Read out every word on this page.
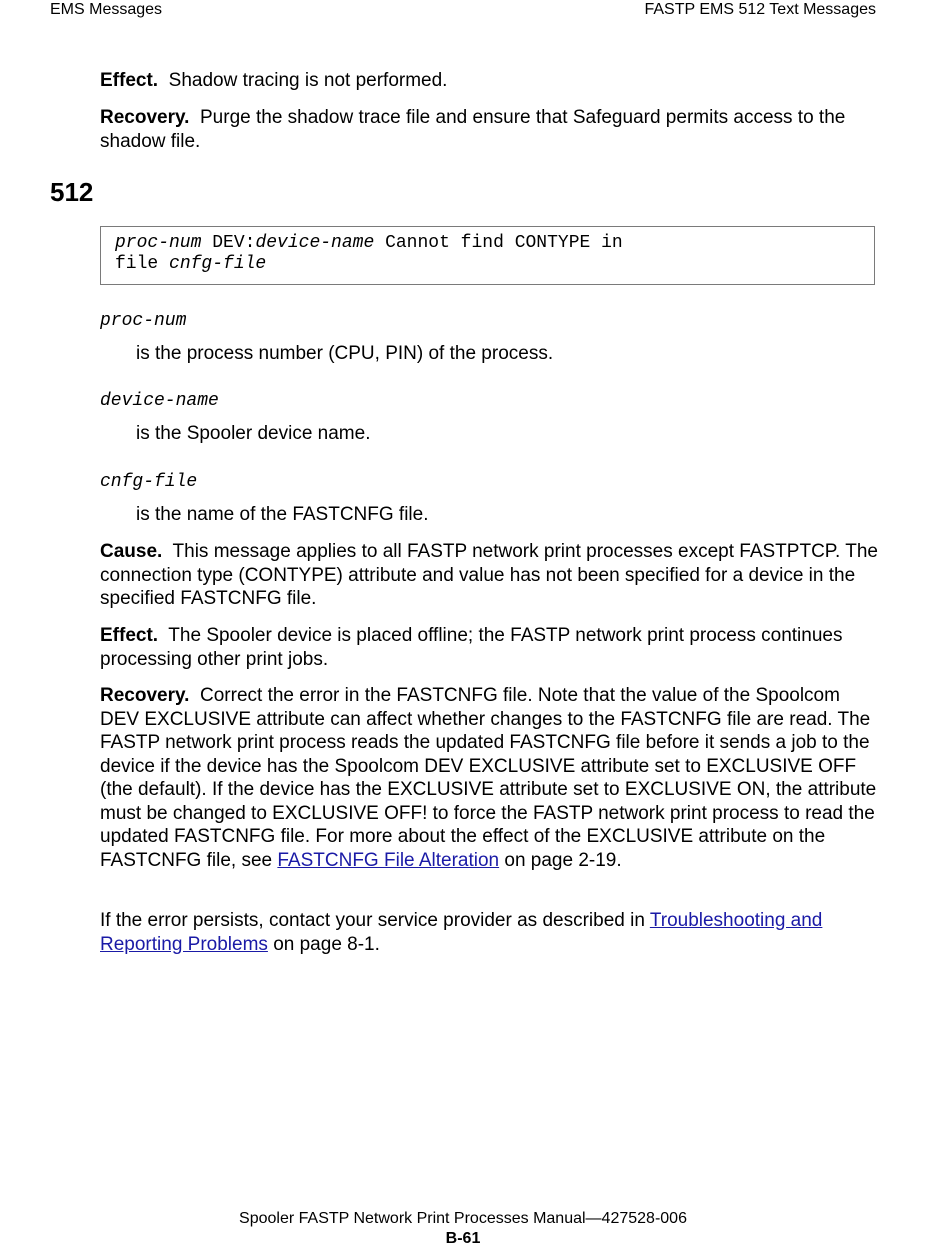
EMS Messages	FASTP EMS 512 Text Messages

Effect. Shadow tracing is not performed.

Recovery. Purge the shadow trace file and ensure that Safeguard permits access to the shadow file.

512
proc-num DEV:device-name Cannot find CONTYPE in
file cnfg-file
proc-num
is the process number (CPU, PIN) of the process.
device-name
is the Spooler device name.
cnfg-file
is the name of the FASTCNFG file.

Cause. This message applies to all FASTP network print processes except FASTPTCP. The connection type (CONTYPE) attribute and value has not been specified for a device in the specified FASTCNFG file.

Effect. The Spooler device is placed offline; the FASTP network print process continues processing other print jobs.

Recovery. Correct the error in the FASTCNFG file. Note that the value of the Spoolcom DEV EXCLUSIVE attribute can affect whether changes to the FASTCNFG file are read. The FASTP network print process reads the updated FASTCNFG file before it sends a job to the device if the device has the Spoolcom DEV EXCLUSIVE attribute set to EXCLUSIVE OFF (the default). If the device has the EXCLUSIVE attribute set to EXCLUSIVE ON, the attribute must be changed to EXCLUSIVE OFF! to force the FASTP network print process to read the updated FASTCNFG file. For more about the effect of the EXCLUSIVE attribute on the FASTCNFG file, see FASTCNFG File Alteration on page 2-19.

If the error persists, contact your service provider as described in Troubleshooting and Reporting Problems on page 8-1.

Spooler FASTP Network Print Processes Manual—427528-006
B-61
